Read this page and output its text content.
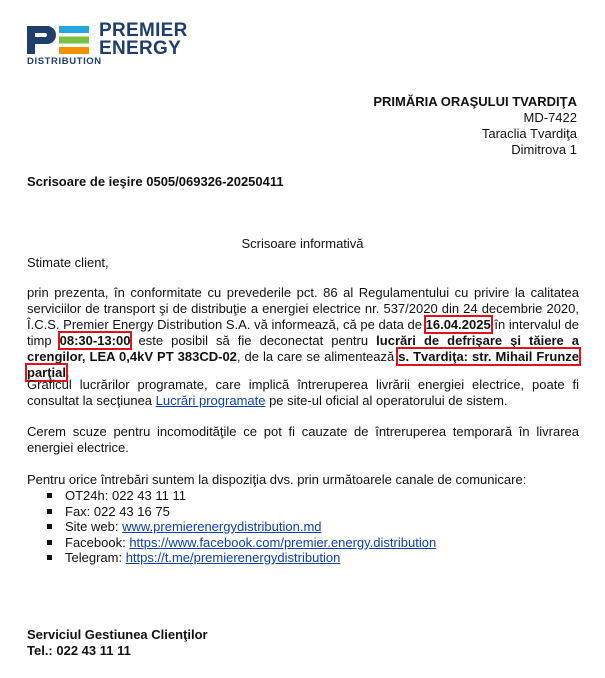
PREMIER
ENERGY
DISTRIBUTION
PRIMĂRIA ORAŞULUI TVARDIŢA
MD-7422
Taraclia Tvardiţa
Dimitrova 1
Scrisoare de ieşire 0505/069326-20250411
Scrisoare informativă
Stimate client,
prin prezenta, în conformitate cu prevederile pct. 86 al Regulamentului cu privire la calitatea serviciilor de transport şi de distribuţie a energiei electrice nr. 537/2020 din 24 decembrie 2020, Î.C.S. Premier Energy Distribution S.A. vă informează, că pe data de 16.04.2025 în intervalul de timp 08:30-13:00 este posibil să fie deconectat pentru lucrări de defrişare şi tăiere a crengilor, LEA 0,4kV PT 383CD-02, de la care se alimentează s. Tvardiţa: str. Mihail Frunze parţial.
Graficul lucrărilor programate, care implică întreruperea livrării energiei electrice, poate fi consultat la secţiunea Lucrări programate pe site-ul oficial al operatorului de sistem.
Cerem scuze pentru incomodităţile ce pot fi cauzate de întreruperea temporară în livrarea energiei electrice.
Pentru orice întrebări suntem la dispoziţia dvs. prin următoarele canale de comunicare:
OT24h: 022 43 11 11
Fax: 022 43 16 75
Site web: www.premierenergydistribution.md
Facebook: https://www.facebook.com/premier.energy.distribution
Telegram: https://t.me/premierenergydistribution
Serviciul Gestiunea Clienţilor
Tel.: 022 43 11 11
